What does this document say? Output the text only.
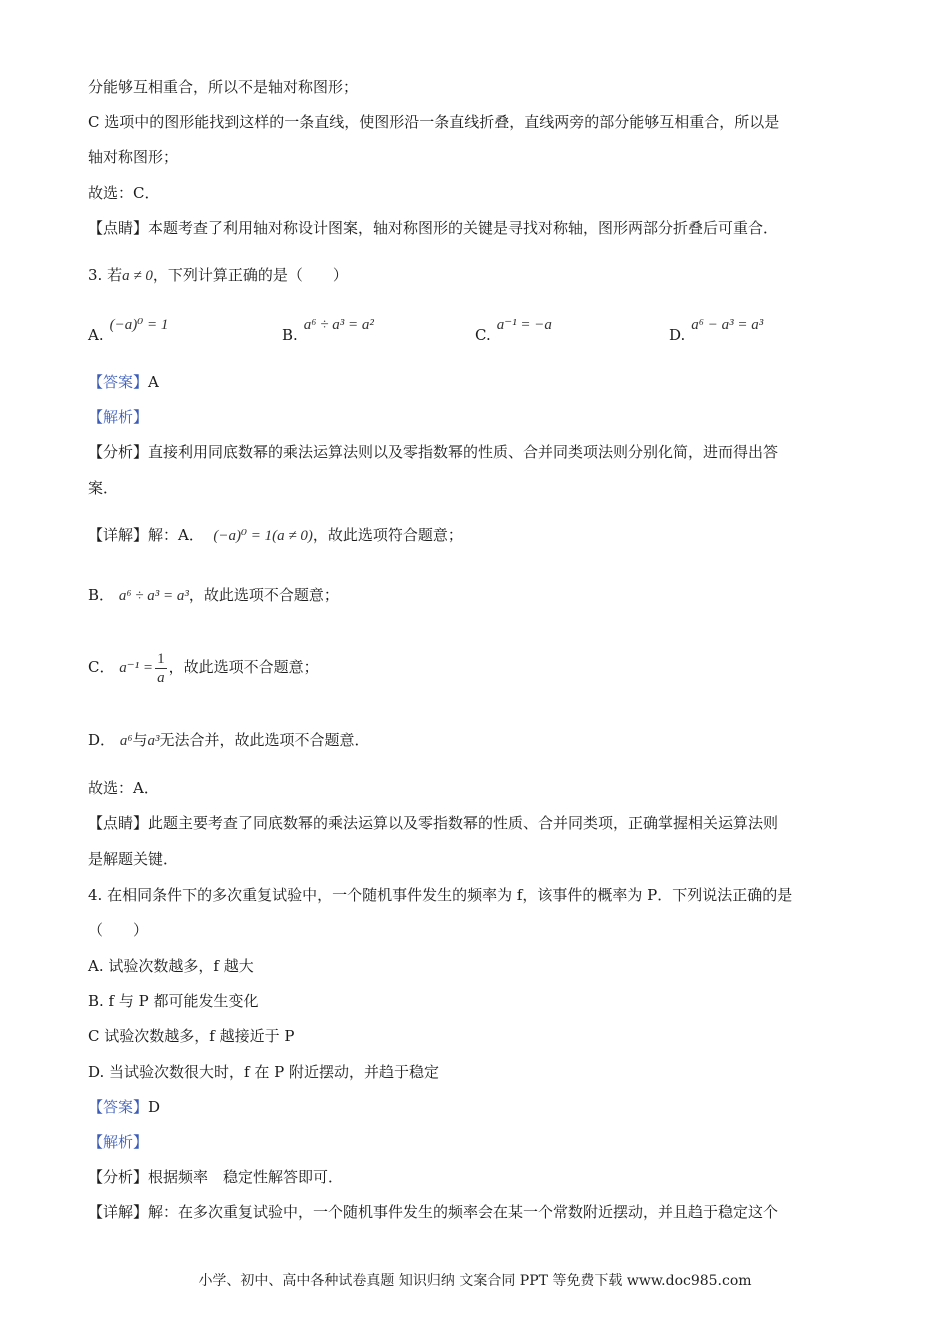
分能够互相重合，所以不是轴对称图形；
C 选项中的图形能找到这样的一条直线，使图形沿一条直线折叠，直线两旁的部分能够互相重合，所以是
轴对称图形；
故选：C．
【点睛】本题考查了利用轴对称设计图案，轴对称图形的关键是寻找对称轴，图形两部分折叠后可重合．
3. 若a ≠ 0，下列计算正确的是（　　）
A.(−a)⁰ = 1
B.a⁶ ÷ a³ = a²
C.a⁻¹ = −a
D.a⁶ − a³ = a³
【答案】A
【解析】
【分析】直接利用同底数幂的乘法运算法则以及零指数幂的性质、合并同类项法则分别化简，进而得出答
案．
【详解】解：A． (−a)⁰ = 1(a ≠ 0)，故此选项符合题意；
B． a⁶ ÷ a³ = a³，故此选项不合题意；
C． $a^{-1} = \frac{1}{a}$ ，故此选项不合题意；
D． a⁶与a³无法合并，故此选项不合题意．
故选：A．
【点睛】此题主要考查了同底数幂的乘法运算以及零指数幂的性质、合并同类项，正确掌握相关运算法则
是解题关键．
4. 在相同条件下的多次重复试验中，一个随机事件发生的频率为 f，该事件的概率为 P．下列说法正确的是
（　　）
A. 试验次数越多，f 越大
B. f 与 P 都可能发生变化
C 试验次数越多，f 越接近于 P
D. 当试验次数很大时，f 在 P 附近摆动，并趋于稳定
【答案】D
【解析】
【分析】根据频率　稳定性解答即可．
【详解】解：在多次重复试验中，一个随机事件发生的频率会在某一个常数附近摆动，并且趋于稳定这个
小学、初中、高中各种试卷真题 知识归纳 文案合同 PPT 等免费下载 www.doc985.com
